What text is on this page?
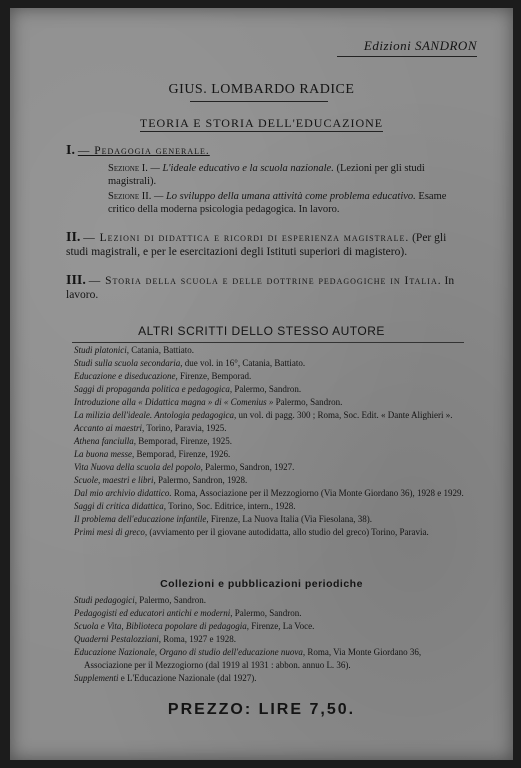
Edizioni SANDRON
GIUS. LOMBARDO RADICE
TEORIA E STORIA DELL'EDUCAZIONE
I. — Pedagogia generale.
Sezione I. — L'ideale educativo e la scuola nazionale. (Lezioni per gli studi magistrali).
Sezione II. — Lo sviluppo della umana attività come problema educativo. Esame critico della moderna psicologia pedagogica. In lavoro.
II. — Lezioni di didattica e ricordi di esperienza magistrale. (Per gli studi magistrali, e per le esercitazioni degli Istituti superiori di magistero).
III. — Storia della scuola e delle dottrine pedagogiche in Italia. In lavoro.
ALTRI SCRITTI DELLO STESSO AUTORE

Studi platonici, Catania, Battiato.

Studi sulla scuola secondaria, due vol. in 16°, Catania, Battiato.

Educazione e diseducazione, Firenze, Bemporad.

Saggi di propaganda politica e pedagogica, Palermo, Sandron.

Introduzione alla « Didattica magna » di « Comenius » Palermo, Sandron.

La milizia dell'ideale. Antologia pedagogica, un vol. di pagg. 300 ; Roma, Soc. Edit. « Dante Alighieri ».

Accanto ai maestri, Torino, Paravia, 1925.

Athena fanciulla, Bemporad, Firenze, 1925.

La buona messe, Bemporad, Firenze, 1926.

Vita Nuova della scuola del popolo, Palermo, Sandron, 1927.

Scuole, maestri e libri, Palermo, Sandron, 1928.

Dal mio archivio didattico. Roma, Associazione per il Mezzogiorno (Via Monte Giordano 36), 1928 e 1929.

Saggi di critica didattica, Torino, Soc. Editrice, intern., 1928.

Il problema dell'educazione infantile, Firenze, La Nuova Italia (Via Fiesolana, 38).

Primi mesi di greco, (avviamento per il giovane autodidatta, allo studio del greco) Torino, Paravia.

Collezioni e pubblicazioni periodiche

Studi pedagogici, Palermo, Sandron.

Pedagogisti ed educatori antichi e moderni, Palermo, Sandron.

Scuola e Vita, Biblioteca popolare di pedagogia, Firenze, La Voce.

Quaderni Pestalozziani, Roma, 1927 e 1928.

Educazione Nazionale, Organo di studio dell'educazione nuova, Roma, Via Monte Giordano 36, Associazione per il Mezzogiorno (dal 1919 al 1931 : abbon. annuo L. 36).

Supplementi e L'Educazione Nazionale (dal 1927).

PREZZO: LIRE 7,50.
